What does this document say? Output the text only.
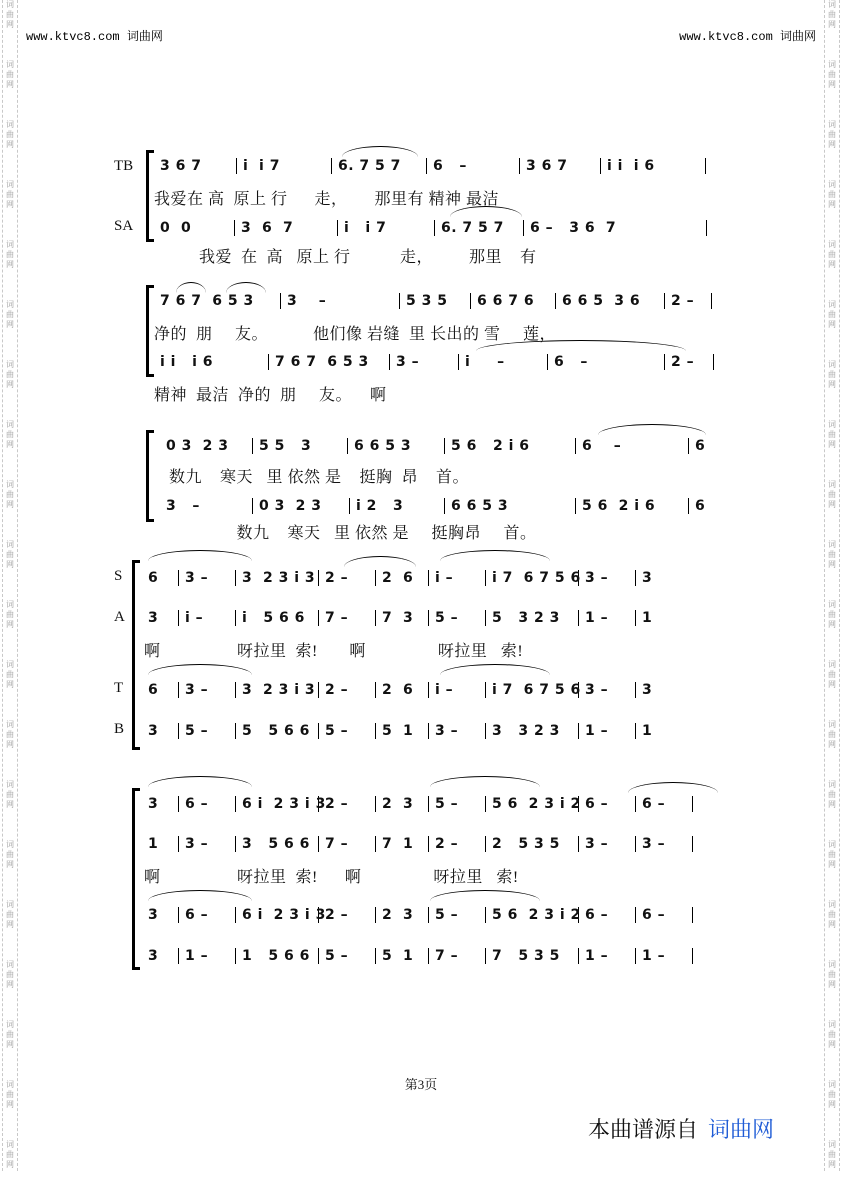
词
曲
网
词
曲
网
词
曲
网
词
曲
网
词
曲
网
词
曲
网
词
曲
网
词
曲
网
词
曲
网
词
曲
网
词
曲
网
词
曲
网
词
曲
网
词
曲
网
词
曲
网
词
曲
网
词
曲
网
词
曲
网
词
曲
网
词
曲
网
词
曲
网
词
曲
网
词
曲
网
词
曲
网
词
曲
网
词
曲
网
词
曲
网
词
曲
网
词
曲
网
词
曲
网
词
曲
网
词
曲
网
词
曲
网
词
曲
网
词
曲
网
词
曲
网
词
曲
网
词
曲
网
词
曲
网
词
曲
网
www.ktvc8.com 词曲网	www.ktvc8.com 词曲网
TB
SA
3 6 7	i  i 7	6. 7 5 7	6   –	3 6 7	i i  i 6
我爱在 高  原上 行      走，      那里有 精神 最洁
0  0	3  6  7	i   i 7	6. 7 5 7	6 –   3 6  7
我爱  在  高   原上 行           走，        那里    有
7 6 7  6 5 3	3    –	5 3 5	6 6 7 6	6 6 5  3 6	2 –
净的  朋     友。          他们像 岩缝  里 长出的 雪     莲，
i i   i 6	7 6 7  6 5 3	3 –	i     –	6   –	2 –
精神  最洁  净的  朋     友。    啊
0 3  2 3	5 5   3	6 6 5 3	5 6   2 i 6	6    –	6
数九    寒天   里 依然 是    挺胸  昂    首。
3   –	0 3  2 3	i 2   3	6 6 5 3	5 6  2 i 6	6
数九    寒天   里 依然 是     挺胸昂     首。
S
A
T
B
6	3 –	3  2 3 i 3 2 –	2  6	i –	i 7  6 7 5 6 3 –	3
3	i –	i   5 6 6	7 –	7  3	5 –	5   3 2 3	1 –	1
啊                 呀拉里  索!       啊                呀拉里   索!
6	3 –	3  2 3 i 3 2 –	2  6	i –	i 7  6 7 5 6 3 –	3
3	5 –	5   5 6 6	5 –	5  1	3 –	3   3 2 3	1 –	1
3	6 –	6 i  2 3 i 3 2 –	2  3	5 –	5 6  2 3 i 2 6 –	6 –
1	3 –	3   5 6 6	7 –	7  1	2 –	2   5 3 5	3 –	3 –
啊                 呀拉里  索!      啊                呀拉里   索!
3	6 –	6 i  2 3 i 3 2 –	2  3	5 –	5 6  2 3 i 2 6 –	6 –
3	1 –	1   5 6 6	5 –	5  1	7 –	7   5 3 5	1 –	1 –
第3页
本曲谱源自 词曲网
